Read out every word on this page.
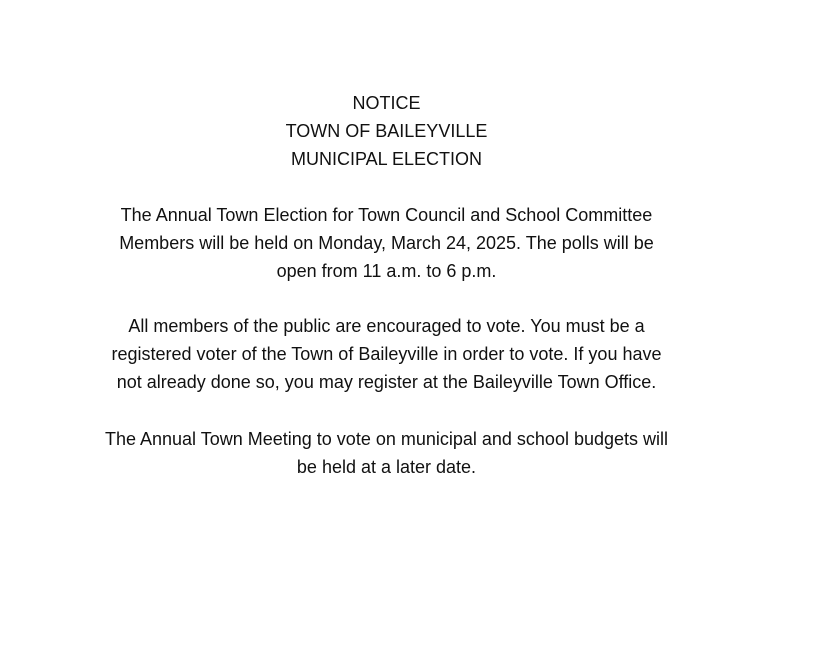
NOTICE
TOWN OF BAILEYVILLE
MUNICIPAL ELECTION
The Annual Town Election for Town Council and School Committee
Members will be held on Monday, March 24, 2025. The polls will be
open from 11 a.m. to 6 p.m.
All members of the public are encouraged to vote. You must be a
registered voter of the Town of Baileyville in order to vote. If you have
not already done so, you may register at the Baileyville Town Office.
The Annual Town Meeting to vote on municipal and school budgets will
be held at a later date.
